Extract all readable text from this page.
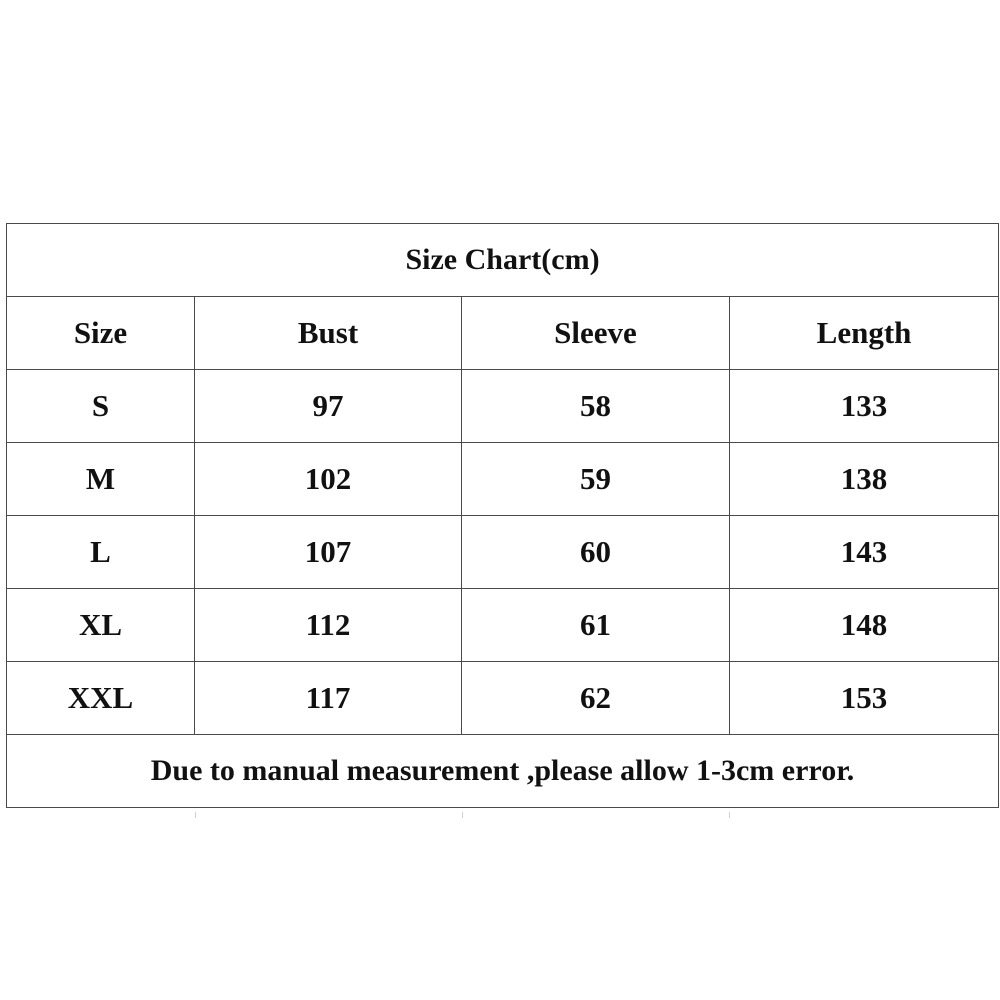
Size Chart(cm)			
Size	Bust	Sleeve	Length
S	97	58	133
M	102	59	138
L	107	60	143
XL	112	61	148
XXL	117	62	153
Due to manual measurement ,please allow 1-3cm error.			
